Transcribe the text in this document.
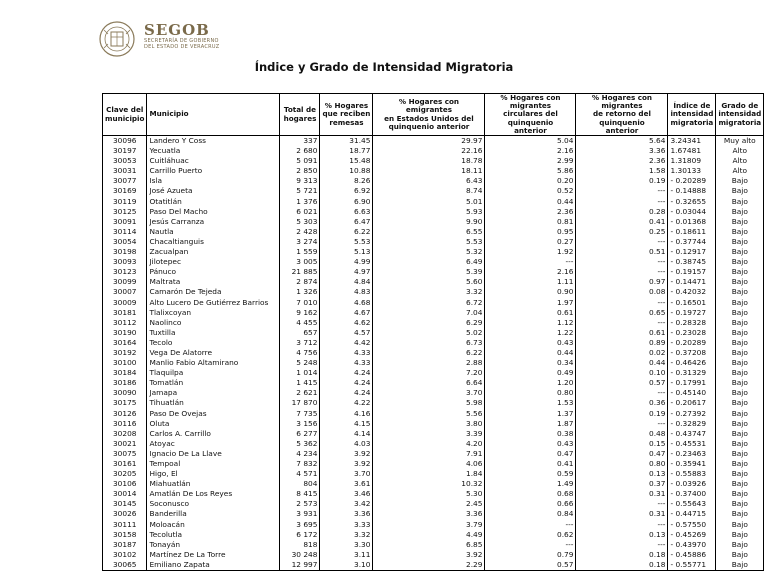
SEGOB
SECRETARÍA DE GOBIERNO
DEL ESTADO DE VERACRUZ
Índice y Grado de Intensidad Migratoria
Clave del
municipio	Municipio	Total de
hogares	% Hogares
que reciben
remesas	% Hogares con emigrantes
en Estados Unidos del
quinquenio anterior	% Hogares con migrantes
circulares del quinquenio
anterior	% Hogares con migrantes
de retorno del quinquenio
anterior	Índice de
intensidad
migratoria	Grado de
intensidad
migratoria
30096	Landero Y Coss	337	31.45	29.97	5.04	5.64	3.24341	Muy alto
30197	Yecuatla	2 680	18.77	22.16	2.16	3.36	1.67481	Alto
30053	Cuitláhuac	5 091	15.48	18.78	2.99	2.36	1.31809	Alto
30031	Carrillo Puerto	2 850	10.88	18.11	5.86	1.58	1.30133	Alto
30077	Isla	9 313	8.26	6.43	0.20	0.19	- 0.20289	Bajo
30169	José Azueta	5 721	6.92	8.74	0.52	---	- 0.14888	Bajo
30119	Otatitlán	1 376	6.90	5.01	0.44	---	- 0.32655	Bajo
30125	Paso Del Macho	6 021	6.63	5.93	2.36	0.28	- 0.03044	Bajo
30091	Jesús Carranza	5 303	6.47	9.90	0.81	0.41	- 0.01368	Bajo
30114	Nautla	2 428	6.22	6.55	0.95	0.25	- 0.18611	Bajo
30054	Chacaltianguis	3 274	5.53	5.53	0.27	---	- 0.37744	Bajo
30198	Zacualpan	1 559	5.13	5.32	1.92	0.51	- 0.12917	Bajo
30093	Jilotepec	3 005	4.99	6.49	---	---	- 0.38745	Bajo
30123	Pánuco	21 885	4.97	5.39	2.16	---	- 0.19157	Bajo
30099	Maltrata	2 874	4.84	5.60	1.11	0.97	- 0.14471	Bajo
30007	Camarón De Tejeda	1 326	4.83	3.32	0.90	0.08	- 0.42032	Bajo
30009	Alto Lucero De Gutiérrez Barrios	7 010	4.68	6.72	1.97	---	- 0.16501	Bajo
30181	Tlalixcoyan	9 162	4.67	7.04	0.61	0.65	- 0.19727	Bajo
30112	Naolinco	4 455	4.62	6.29	1.12	---	- 0.28328	Bajo
30190	Tuxtilla	657	4.57	5.02	1.22	0.61	- 0.23028	Bajo
30164	Tecolo	3 712	4.42	6.73	0.43	0.89	- 0.20289	Bajo
30192	Vega De Alatorre	4 756	4.33	6.22	0.44	0.02	- 0.37208	Bajo
30100	Manlio Fabio Altamirano	5 248	4.33	2.88	0.34	0.44	- 0.46426	Bajo
30184	Tlaquilpa	1 014	4.24	7.20	0.49	0.10	- 0.31329	Bajo
30186	Tomatlán	1 415	4.24	6.64	1.20	0.57	- 0.17991	Bajo
30090	Jamapa	2 621	4.24	3.70	0.80	---	- 0.45140	Bajo
30175	Tihuatlán	17 870	4.22	5.98	1.53	0.36	- 0.20617	Bajo
30126	Paso De Ovejas	7 735	4.16	5.56	1.37	0.19	- 0.27392	Bajo
30116	Oluta	3 156	4.15	3.80	1.87	---	- 0.32829	Bajo
30208	Carlos A. Carrillo	6 277	4.14	3.39	0.38	0.48	- 0.43747	Bajo
30021	Atoyac	5 362	4.03	4.20	0.43	0.15	- 0.45531	Bajo
30075	Ignacio De La Llave	4 234	3.92	7.91	0.47	0.47	- 0.23463	Bajo
30161	Tempoal	7 832	3.92	4.06	0.41	0.80	- 0.35941	Bajo
30205	Higo, El	4 571	3.70	1.84	0.59	0.13	- 0.55883	Bajo
30106	Miahuatlán	804	3.61	10.32	1.49	0.37	- 0.03926	Bajo
30014	Amatlán De Los Reyes	8 415	3.46	5.30	0.68	0.31	- 0.37400	Bajo
30145	Soconusco	2 573	3.42	2.45	0.66	---	- 0.55643	Bajo
30026	Banderilla	3 931	3.36	3.36	0.84	0.31	- 0.44715	Bajo
30111	Moloacán	3 695	3.33	3.79	---	---	- 0.57550	Bajo
30158	Tecolutla	6 172	3.32	4.49	0.62	0.13	- 0.45269	Bajo
30187	Tonayán	818	3.30	6.85	---	---	- 0.43970	Bajo
30102	Martínez De La Torre	30 248	3.11	3.92	0.79	0.18	- 0.45886	Bajo
30065	Emiliano Zapata	12 997	3.10	2.29	0.57	0.18	- 0.55771	Bajo
